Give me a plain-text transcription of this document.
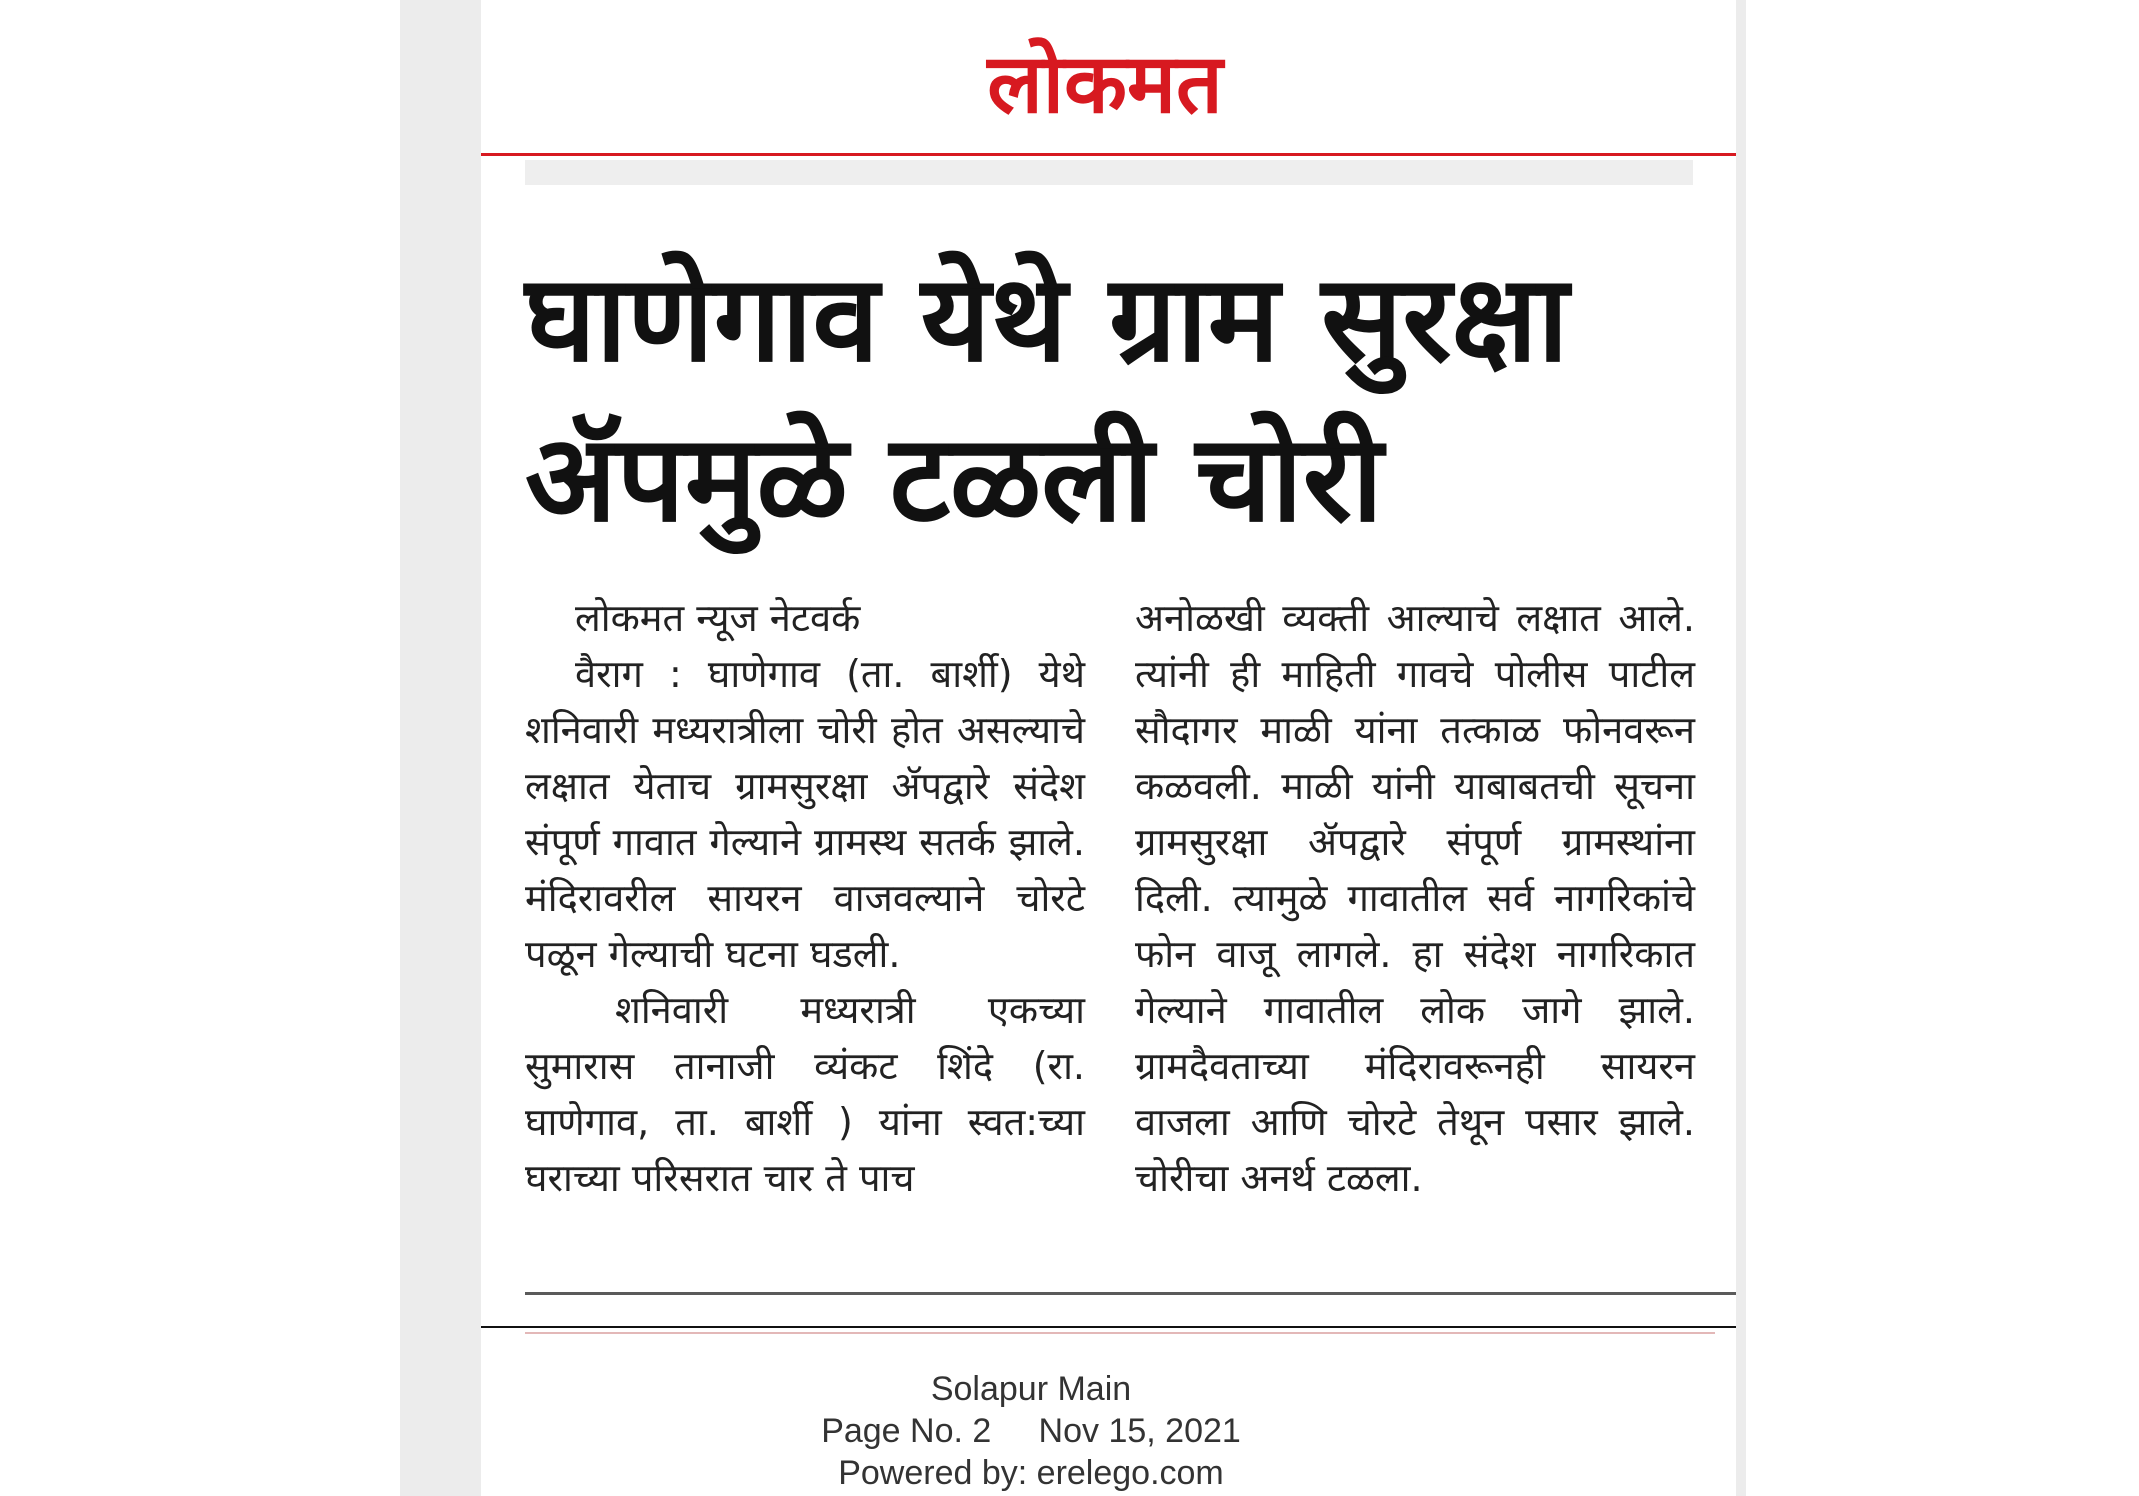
लोकमत
घाणेगाव येथे ग्राम सुरक्षा ॲपमुळे टळली चोरी

लोकमत न्यूज नेटवर्क

वैराग : घाणेगाव (ता. बार्शी) येथे शनिवारी मध्यरात्रीला चोरी होत असल्याचे लक्षात येताच ग्रामसुरक्षा ॲपद्वारे संदेश संपूर्ण गावात गेल्याने ग्रामस्थ सतर्क झाले. मंदिरावरील सायरन वाजवल्याने चोरटे पळून गेल्याची घटना घडली.

शनिवारी मध्यरात्री एकच्या सुमारास तानाजी व्यंकट शिंदे (रा. घाणेगाव, ता. बार्शी ) यांना स्वत:च्या घराच्या परिसरात चार ते पाच

अनोळखी व्यक्ती आल्याचे लक्षात आले. त्यांनी ही माहिती गावचे पोलीस पाटील सौदागर माळी यांना तत्काळ फोनवरून कळवली. माळी यांनी याबाबतची सूचना ग्रामसुरक्षा ॲपद्वारे संपूर्ण ग्रामस्थांना दिली. त्यामुळे गावातील सर्व नागरिकांचे फोन वाजू लागले. हा संदेश नागरिकात गेल्याने गावातील लोक जागे झाले. ग्रामदैवताच्या मंदिरावरूनही सायरन वाजला आणि चोरटे तेथून पसार झाले. चोरीचा अनर्थ टळला.

Solapur Main
Page No. 2     Nov 15, 2021
Powered by: erelego.com
